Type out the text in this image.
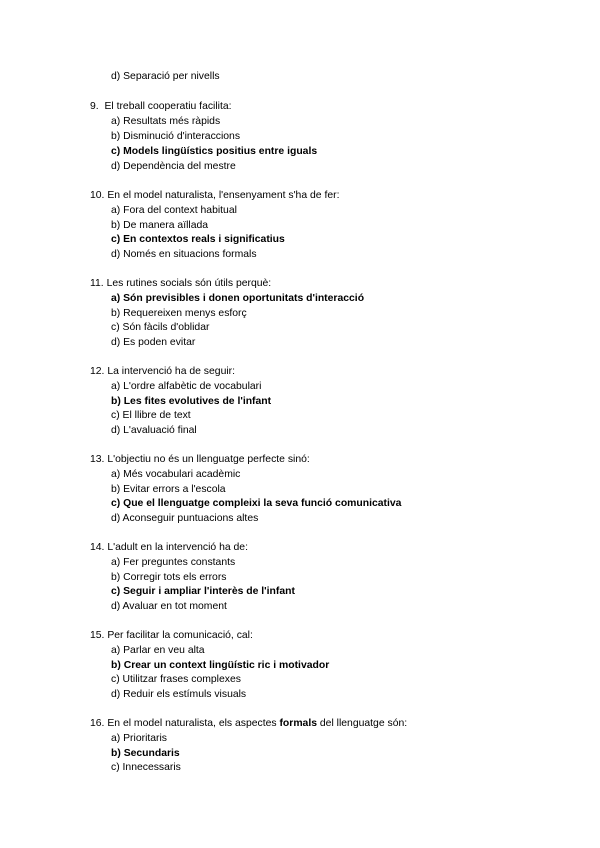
d) Separació per nivells
9. El treball cooperatiu facilita:
a) Resultats més ràpids
b) Disminució d'interaccions
c) Models lingüístics positius entre iguals
d) Dependència del mestre
10. En el model naturalista, l'ensenyament s'ha de fer:
a) Fora del context habitual
b) De manera aïllada
c) En contextos reals i significatius
d) Només en situacions formals
11. Les rutines socials són útils perquè:
a) Són previsibles i donen oportunitats d'interacció
b) Requereixen menys esforç
c) Són fàcils d'oblidar
d) Es poden evitar
12. La intervenció ha de seguir:
a) L'ordre alfabètic de vocabulari
b) Les fites evolutives de l'infant
c) El llibre de text
d) L'avaluació final
13. L'objectiu no és un llenguatge perfecte sinó:
a) Més vocabulari acadèmic
b) Evitar errors a l'escola
c) Que el llenguatge compleixi la seva funció comunicativa
d) Aconseguir puntuacions altes
14. L'adult en la intervenció ha de:
a) Fer preguntes constants
b) Corregir tots els errors
c) Seguir i ampliar l'interès de l'infant
d) Avaluar en tot moment
15. Per facilitar la comunicació, cal:
a) Parlar en veu alta
b) Crear un context lingüístic ric i motivador
c) Utilitzar frases complexes
d) Reduir els estímuls visuals
16. En el model naturalista, els aspectes formals del llenguatge són:
a) Prioritaris
b) Secundaris
c) Innecessaris
